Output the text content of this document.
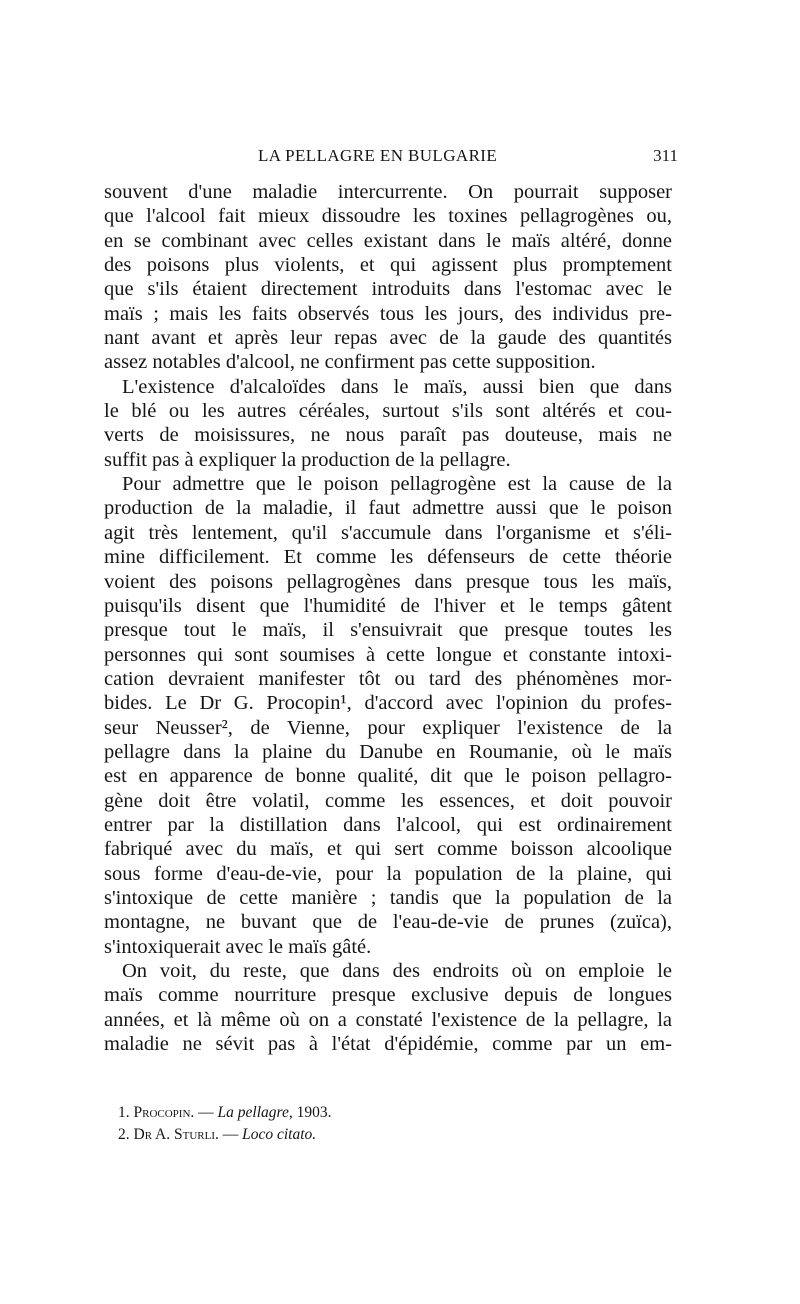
LA PELLAGRE EN BULGARIE	311
souvent d'une maladie intercurrente. On pourrait supposer
que l'alcool fait mieux dissoudre les toxines pellagrogènes ou,
en se combinant avec celles existant dans le maïs altéré, donne
des poisons plus violents, et qui agissent plus promptement
que s'ils étaient directement introduits dans l'estomac avec le
maïs ; mais les faits observés tous les jours, des individus pre-
nant avant et après leur repas avec de la gaude des quantités
assez notables d'alcool, ne confirment pas cette supposition.
L'existence d'alcaloïdes dans le maïs, aussi bien que dans
le blé ou les autres céréales, surtout s'ils sont altérés et cou-
verts de moisissures, ne nous paraît pas douteuse, mais ne
suffit pas à expliquer la production de la pellagre.
Pour admettre que le poison pellagrogène est la cause de la
production de la maladie, il faut admettre aussi que le poison
agit très lentement, qu'il s'accumule dans l'organisme et s'éli-
mine difficilement. Et comme les défenseurs de cette théorie
voient des poisons pellagrogènes dans presque tous les maïs,
puisqu'ils disent que l'humidité de l'hiver et le temps gâtent
presque tout le maïs, il s'ensuivrait que presque toutes les
personnes qui sont soumises à cette longue et constante intoxi-
cation devraient manifester tôt ou tard des phénomènes mor-
bides. Le Dr G. Procopin¹, d'accord avec l'opinion du profes-
seur Neusser², de Vienne, pour expliquer l'existence de la
pellagre dans la plaine du Danube en Roumanie, où le maïs
est en apparence de bonne qualité, dit que le poison pellagro-
gène doit être volatil, comme les essences, et doit pouvoir
entrer par la distillation dans l'alcool, qui est ordinairement
fabriqué avec du maïs, et qui sert comme boisson alcoolique
sous forme d'eau-de-vie, pour la population de la plaine, qui
s'intoxique de cette manière ; tandis que la population de la
montagne, ne buvant que de l'eau-de-vie de prunes (zuïca),
s'intoxiquerait avec le maïs gâté.
On voit, du reste, que dans des endroits où on emploie le
maïs comme nourriture presque exclusive depuis de longues
années, et là même où on a constaté l'existence de la pellagre, la
maladie ne sévit pas à l'état d'épidémie, comme par un em-
1. Procopin. — La pellagre, 1903.
2. Dr A. Sturli. — Loco citato.
